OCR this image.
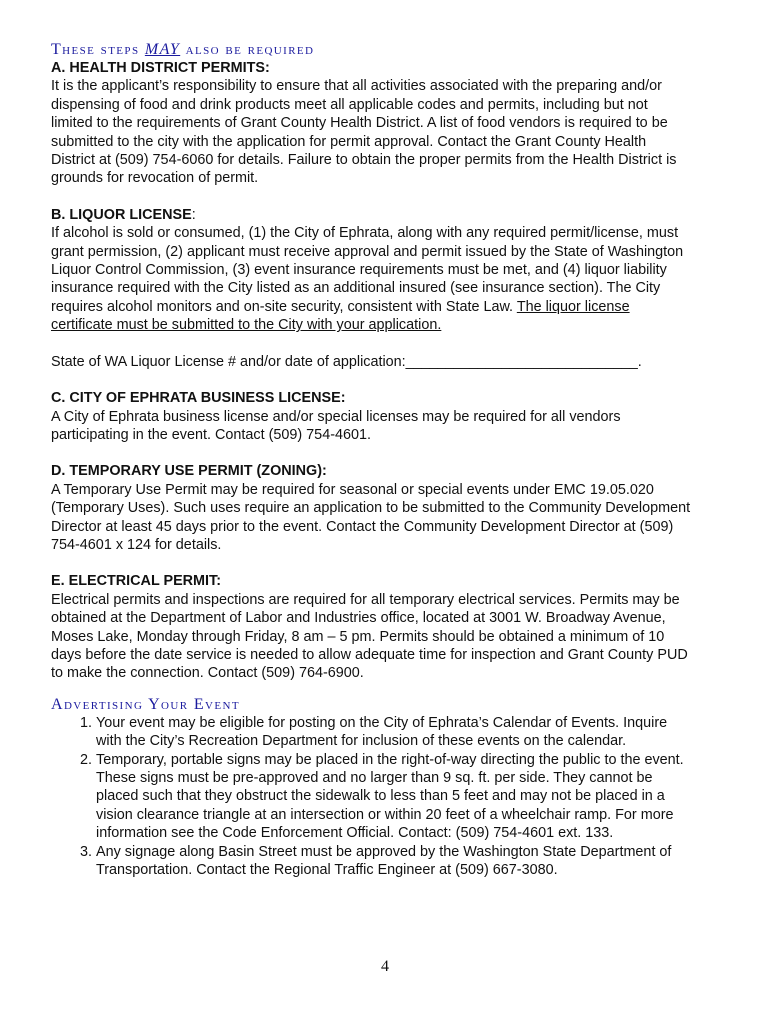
These steps MAY also be required
A. HEALTH DISTRICT PERMITS:

It is the applicant’s responsibility to ensure that all activities associated with the preparing and/or dispensing of food and drink products meet all applicable codes and permits, including but not limited to the requirements of Grant County Health District. A list of food vendors is required to be submitted to the city with the application for permit approval. Contact the Grant County Health District at (509) 754-6060 for details. Failure to obtain the proper permits from the Health District is grounds for revocation of permit.

B. LIQUOR LICENSE:

If alcohol is sold or consumed, (1) the City of Ephrata, along with any required permit/license, must grant permission, (2) applicant must receive approval and permit issued by the State of Washington Liquor Control Commission, (3) event insurance requirements must be met, and (4) liquor liability insurance required with the City listed as an additional insured (see insurance section). The City requires alcohol monitors and on-site security, consistent with State Law. The liquor license certificate must be submitted to the City with your application.

State of WA Liquor License # and/or date of application:_____________________________.

C. CITY OF EPHRATA BUSINESS LICENSE:

A City of Ephrata business license and/or special licenses may be required for all vendors participating in the event. Contact (509) 754-4601.

D. TEMPORARY USE PERMIT (ZONING):

A Temporary Use Permit may be required for seasonal or special events under EMC 19.05.020 (Temporary Uses). Such uses require an application to be submitted to the Community Development Director at least 45 days prior to the event. Contact the Community Development Director at (509) 754-4601 x 124 for details.

E. ELECTRICAL PERMIT:

Electrical permits and inspections are required for all temporary electrical services. Permits may be obtained at the Department of Labor and Industries office, located at 3001 W. Broadway Avenue, Moses Lake, Monday through Friday, 8 am – 5 pm. Permits should be obtained a minimum of 10 days before the date service is needed to allow adequate time for inspection and Grant County PUD to make the connection. Contact (509) 764-6900.

Advertising Your Event
1. Your event may be eligible for posting on the City of Ephrata’s Calendar of Events. Inquire with the City’s Recreation Department for inclusion of these events on the calendar.
2. Temporary, portable signs may be placed in the right-of-way directing the public to the event. These signs must be pre-approved and no larger than 9 sq. ft. per side. They cannot be placed such that they obstruct the sidewalk to less than 5 feet and may not be placed in a vision clearance triangle at an intersection or within 20 feet of a wheelchair ramp. For more information see the Code Enforcement Official. Contact: (509) 754-4601 ext. 133.
3. Any signage along Basin Street must be approved by the Washington State Department of Transportation. Contact the Regional Traffic Engineer at (509) 667-3080.
4
